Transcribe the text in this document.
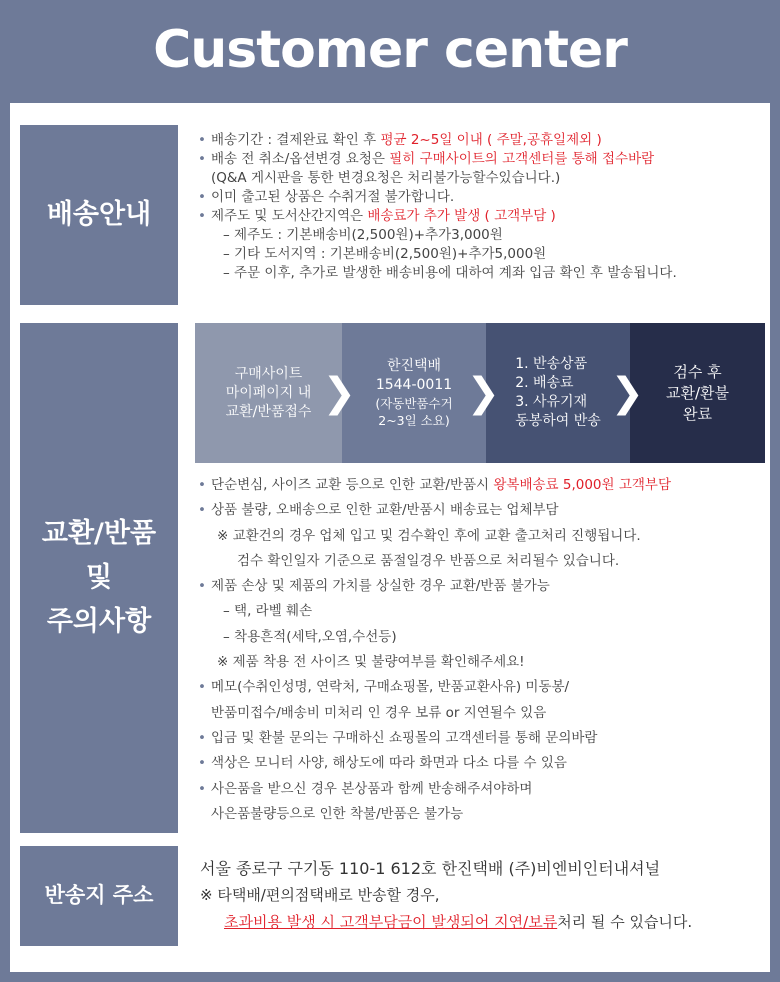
Customer center
배송안내
• 배송기간 : 결제완료 확인 후 평균 2~5일 이내 ( 주말,공휴일제외 )
• 배송 전 취소/옵션변경 요청은 필히 구매사이트의 고객센터를 통해 접수바람
(Q&A 게시판을 통한 변경요청은 처리불가능할수있습니다.)
• 이미 출고된 상품은 수취거절 불가합니다.
• 제주도 및 도서산간지역은 배송료가 추가 발생 ( 고객부담 )
– 제주도 : 기본배송비(2,500원)+추가3,000원
– 기타 도서지역 : 기본배송비(2,500원)+추가5,000원
– 주문 이후, 추가로 발생한 배송비용에 대하여 계좌 입금 확인 후 발송됩니다.
교환/반품
및
주의사항
구매사이트
마이페이지 내
교환/반품접수 ❯
한진택배
1544-0011
(자동반품수거
2~3일 소요)
❯
1. 반송상품
2. 배송료
3. 사유기재
동봉하여 반송
❯	검수 후
교환/환불
완료
• 단순변심, 사이즈 교환 등으로 인한 교환/반품시 왕복배송료 5,000원 고객부담
• 상품 불량, 오배송으로 인한 교환/반품시 배송료는 업체부담
※ 교환건의 경우 업체 입고 및 검수확인 후에 교환 출고처리 진행됩니다.
검수 확인일자 기준으로 품절일경우 반품으로 처리될수 있습니다.
• 제품 손상 및 제품의 가치를 상실한 경우 교환/반품 불가능
– 택, 라벨 훼손
– 착용흔적(세탁,오염,수선등)
※ 제품 착용 전 사이즈 및 불량여부를 확인해주세요!
• 메모(수취인성명, 연락처, 구매쇼핑몰, 반품교환사유) 미동봉/
반품미접수/배송비 미처리 인 경우 보류 or 지연될수 있음
• 입금 및 환불 문의는 구매하신 쇼핑몰의 고객센터를 통해 문의바람
• 색상은 모니터 사양, 해상도에 따라 화면과 다소 다를 수 있음
• 사은품을 받으신 경우 본상품과 함께 반송해주셔야하며
사은품불량등으로 인한 착불/반품은 불가능
반송지 주소
서울 종로구 구기동 110-1 612호 한진택배 (주)비엔비인터내셔널
※ 타택배/편의점택배로 반송할 경우,
초과비용 발생 시 고객부담금이 발생되어 지연/보류처리 될 수 있습니다.
